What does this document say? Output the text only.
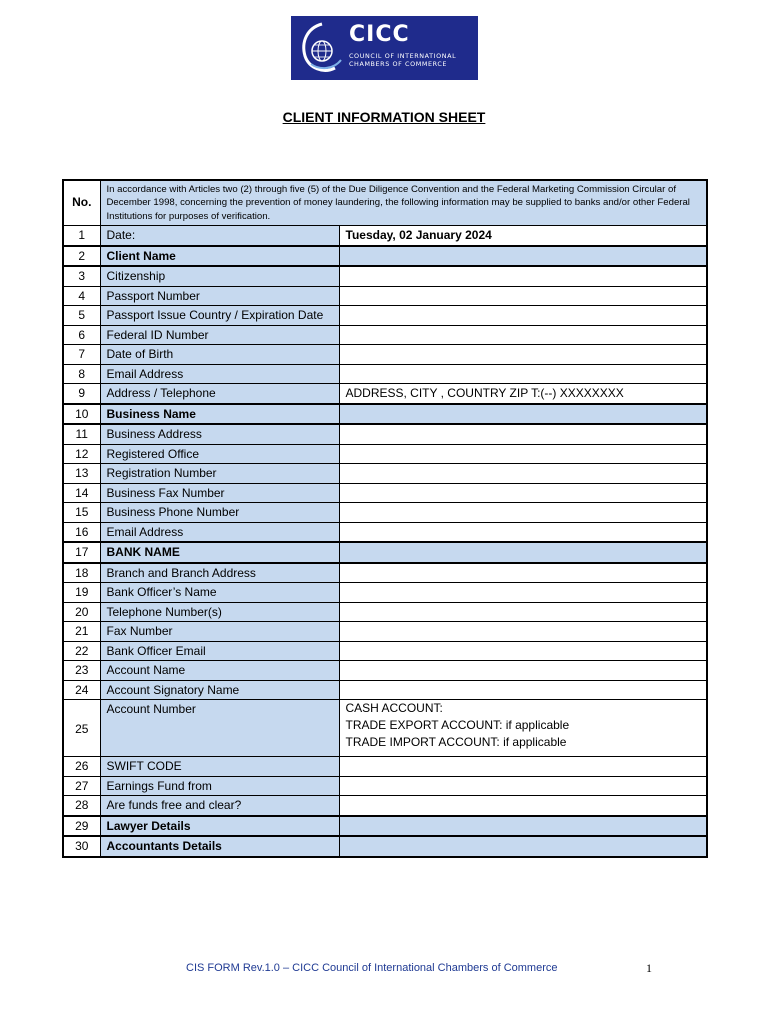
CICC
COUNCIL OF INTERNATIONAL
CHAMBERS OF COMMERCE
CLIENT INFORMATION SHEET
No.	In accordance with Articles two (2) through five (5) of the Due Diligence Convention and the Federal Marketing Commission Circular of December 1998, concerning the prevention of money laundering, the following information may be supplied to banks and/or other Federal Institutions for purposes of verification.	
1	Date:	Tuesday, 02 January 2024
2	Client Name	
3	Citizenship	
4	Passport Number	
5	Passport Issue Country / Expiration Date	
6	Federal ID Number	
7	Date of Birth	
8	Email Address	
9	Address / Telephone	ADDRESS, CITY , COUNTRY ZIP T:(--) XXXXXXXX
10	Business Name	
11	Business Address	
12	Registered Office	
13	Registration Number	
14	Business Fax Number	
15	Business Phone Number	
16	Email Address	
17	BANK NAME	
18	Branch and Branch Address	
19	Bank Officer’s Name	
20	Telephone Number(s)	
21	Fax Number	
22	Bank Officer Email	
23	Account Name	
24	Account Signatory Name	
25	Account Number	CASH ACCOUNT:
TRADE EXPORT ACCOUNT: if applicable
TRADE IMPORT ACCOUNT: if applicable

26	SWIFT CODE	
27	Earnings Fund from	
28	Are funds free and clear?	
29	Lawyer Details	
30	Accountants Details	
CIS FORM Rev.1.0 – CICC Council of International Chambers of Commerce	1
